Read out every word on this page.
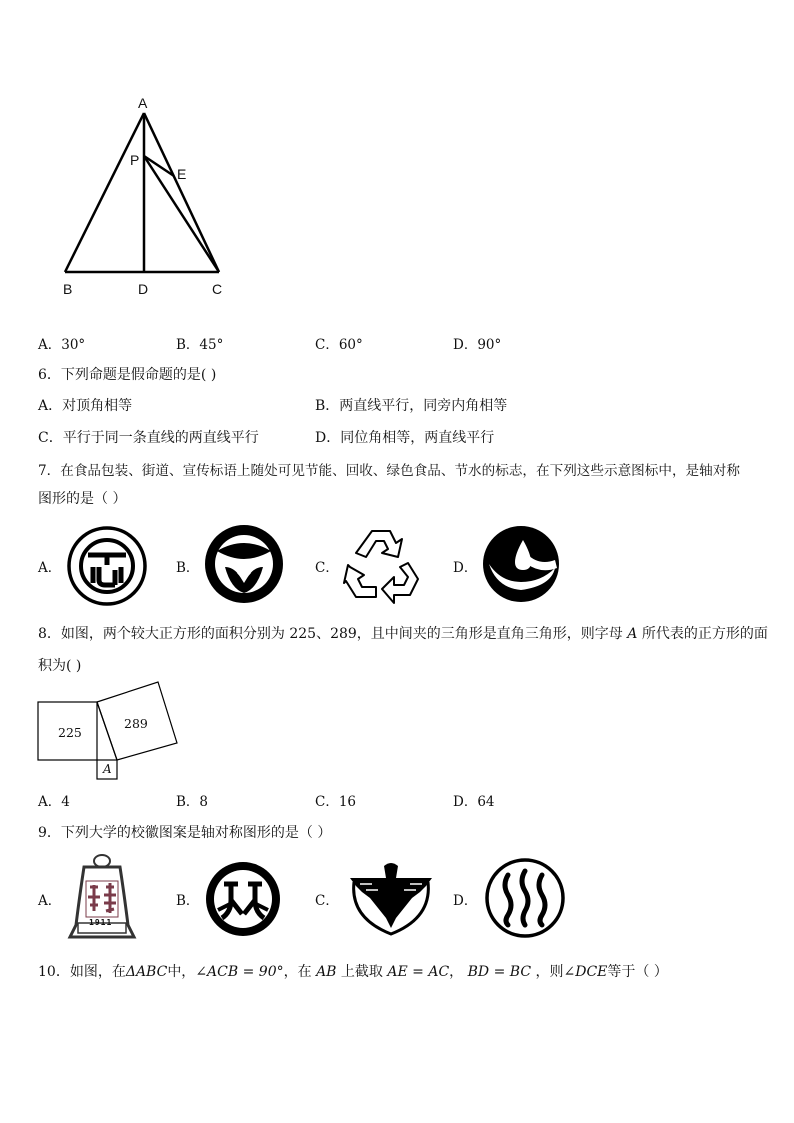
A
P
E
B	D	C
A．30°	B．45°	C．60°	D．90°
6．下列命题是假命题的是( )
A．对顶角相等	B．两直线平行，同旁内角相等
C．平行于同一条直线的两直线平行	D．同位角相等，两直线平行
7．在食品包装、街道、宣传标语上随处可见节能、回收、绿色食品、节水的标志，在下列这些示意图标中，是轴对称
图形的是（ ）
A．	B．	C．	D．
8．如图，两个较大正方形的面积分别为 225、289，且中间夹的三角形是直角三角形，则字母 A 所代表的正方形的面
积为( )
225
289
A
A．4	B．8	C．16	D．64
9．下列大学的校徽图案是轴对称图形的是（ ）
A．
1911
B．	C．	D．
10．如图，在ΔABC中，∠ACB = 90°，在 AB 上截取 AE = AC， BD = BC ，则∠DCE等于（ ）
